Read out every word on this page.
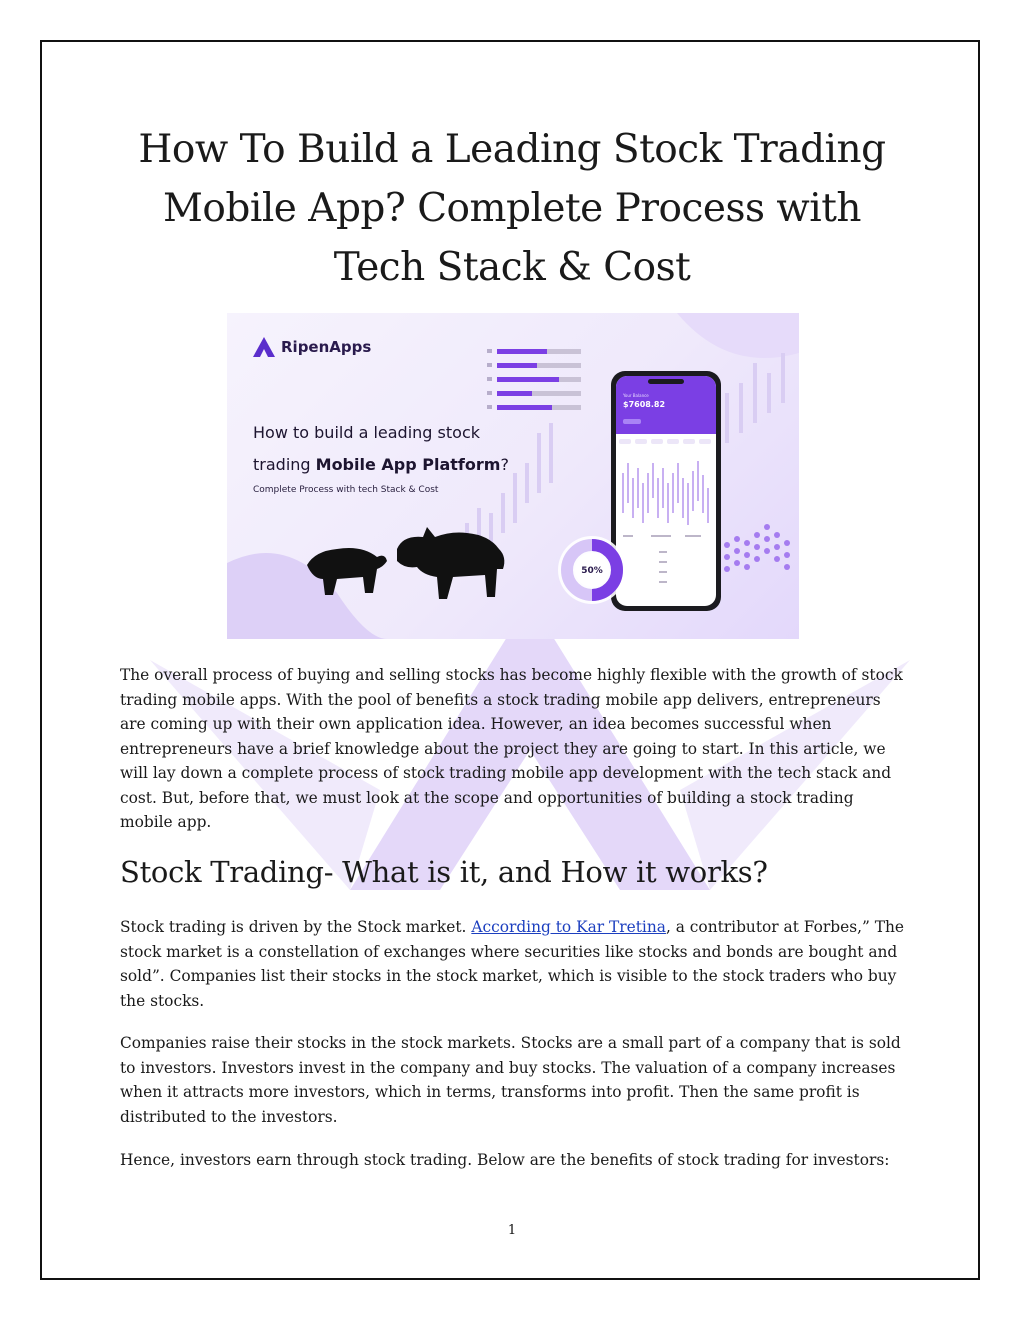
How To Build a Leading Stock Trading Mobile App? Complete Process with Tech Stack & Cost
Your Balance
$7608.82
50%
RipenApps
How to build a leading stock
trading Mobile App Platform?
Complete Process with tech Stack & Cost

The overall process of buying and selling stocks has become highly flexible with the growth of stock trading mobile apps. With the pool of benefits a stock trading mobile app delivers, entrepreneurs are coming up with their own application idea. However, an idea becomes successful when entrepreneurs have a brief knowledge about the project they are going to start. In this article, we will lay down a complete process of stock trading mobile app development with the tech stack and cost. But, before that, we must look at the scope and opportunities of building a stock trading mobile app.

Stock Trading- What is it, and How it works?

Stock trading is driven by the Stock market. According to Kar Tretina, a contributor at Forbes,” The stock market is a constellation of exchanges where securities like stocks and bonds are bought and sold”. Companies list their stocks in the stock market, which is visible to the stock traders who buy the stocks.

Companies raise their stocks in the stock markets. Stocks are a small part of a company that is sold to investors. Investors invest in the company and buy stocks. The valuation of a company increases when it attracts more investors, which in terms, transforms into profit. Then the same profit is distributed to the investors.

Hence, investors earn through stock trading. Below are the benefits of stock trading for investors:

1
